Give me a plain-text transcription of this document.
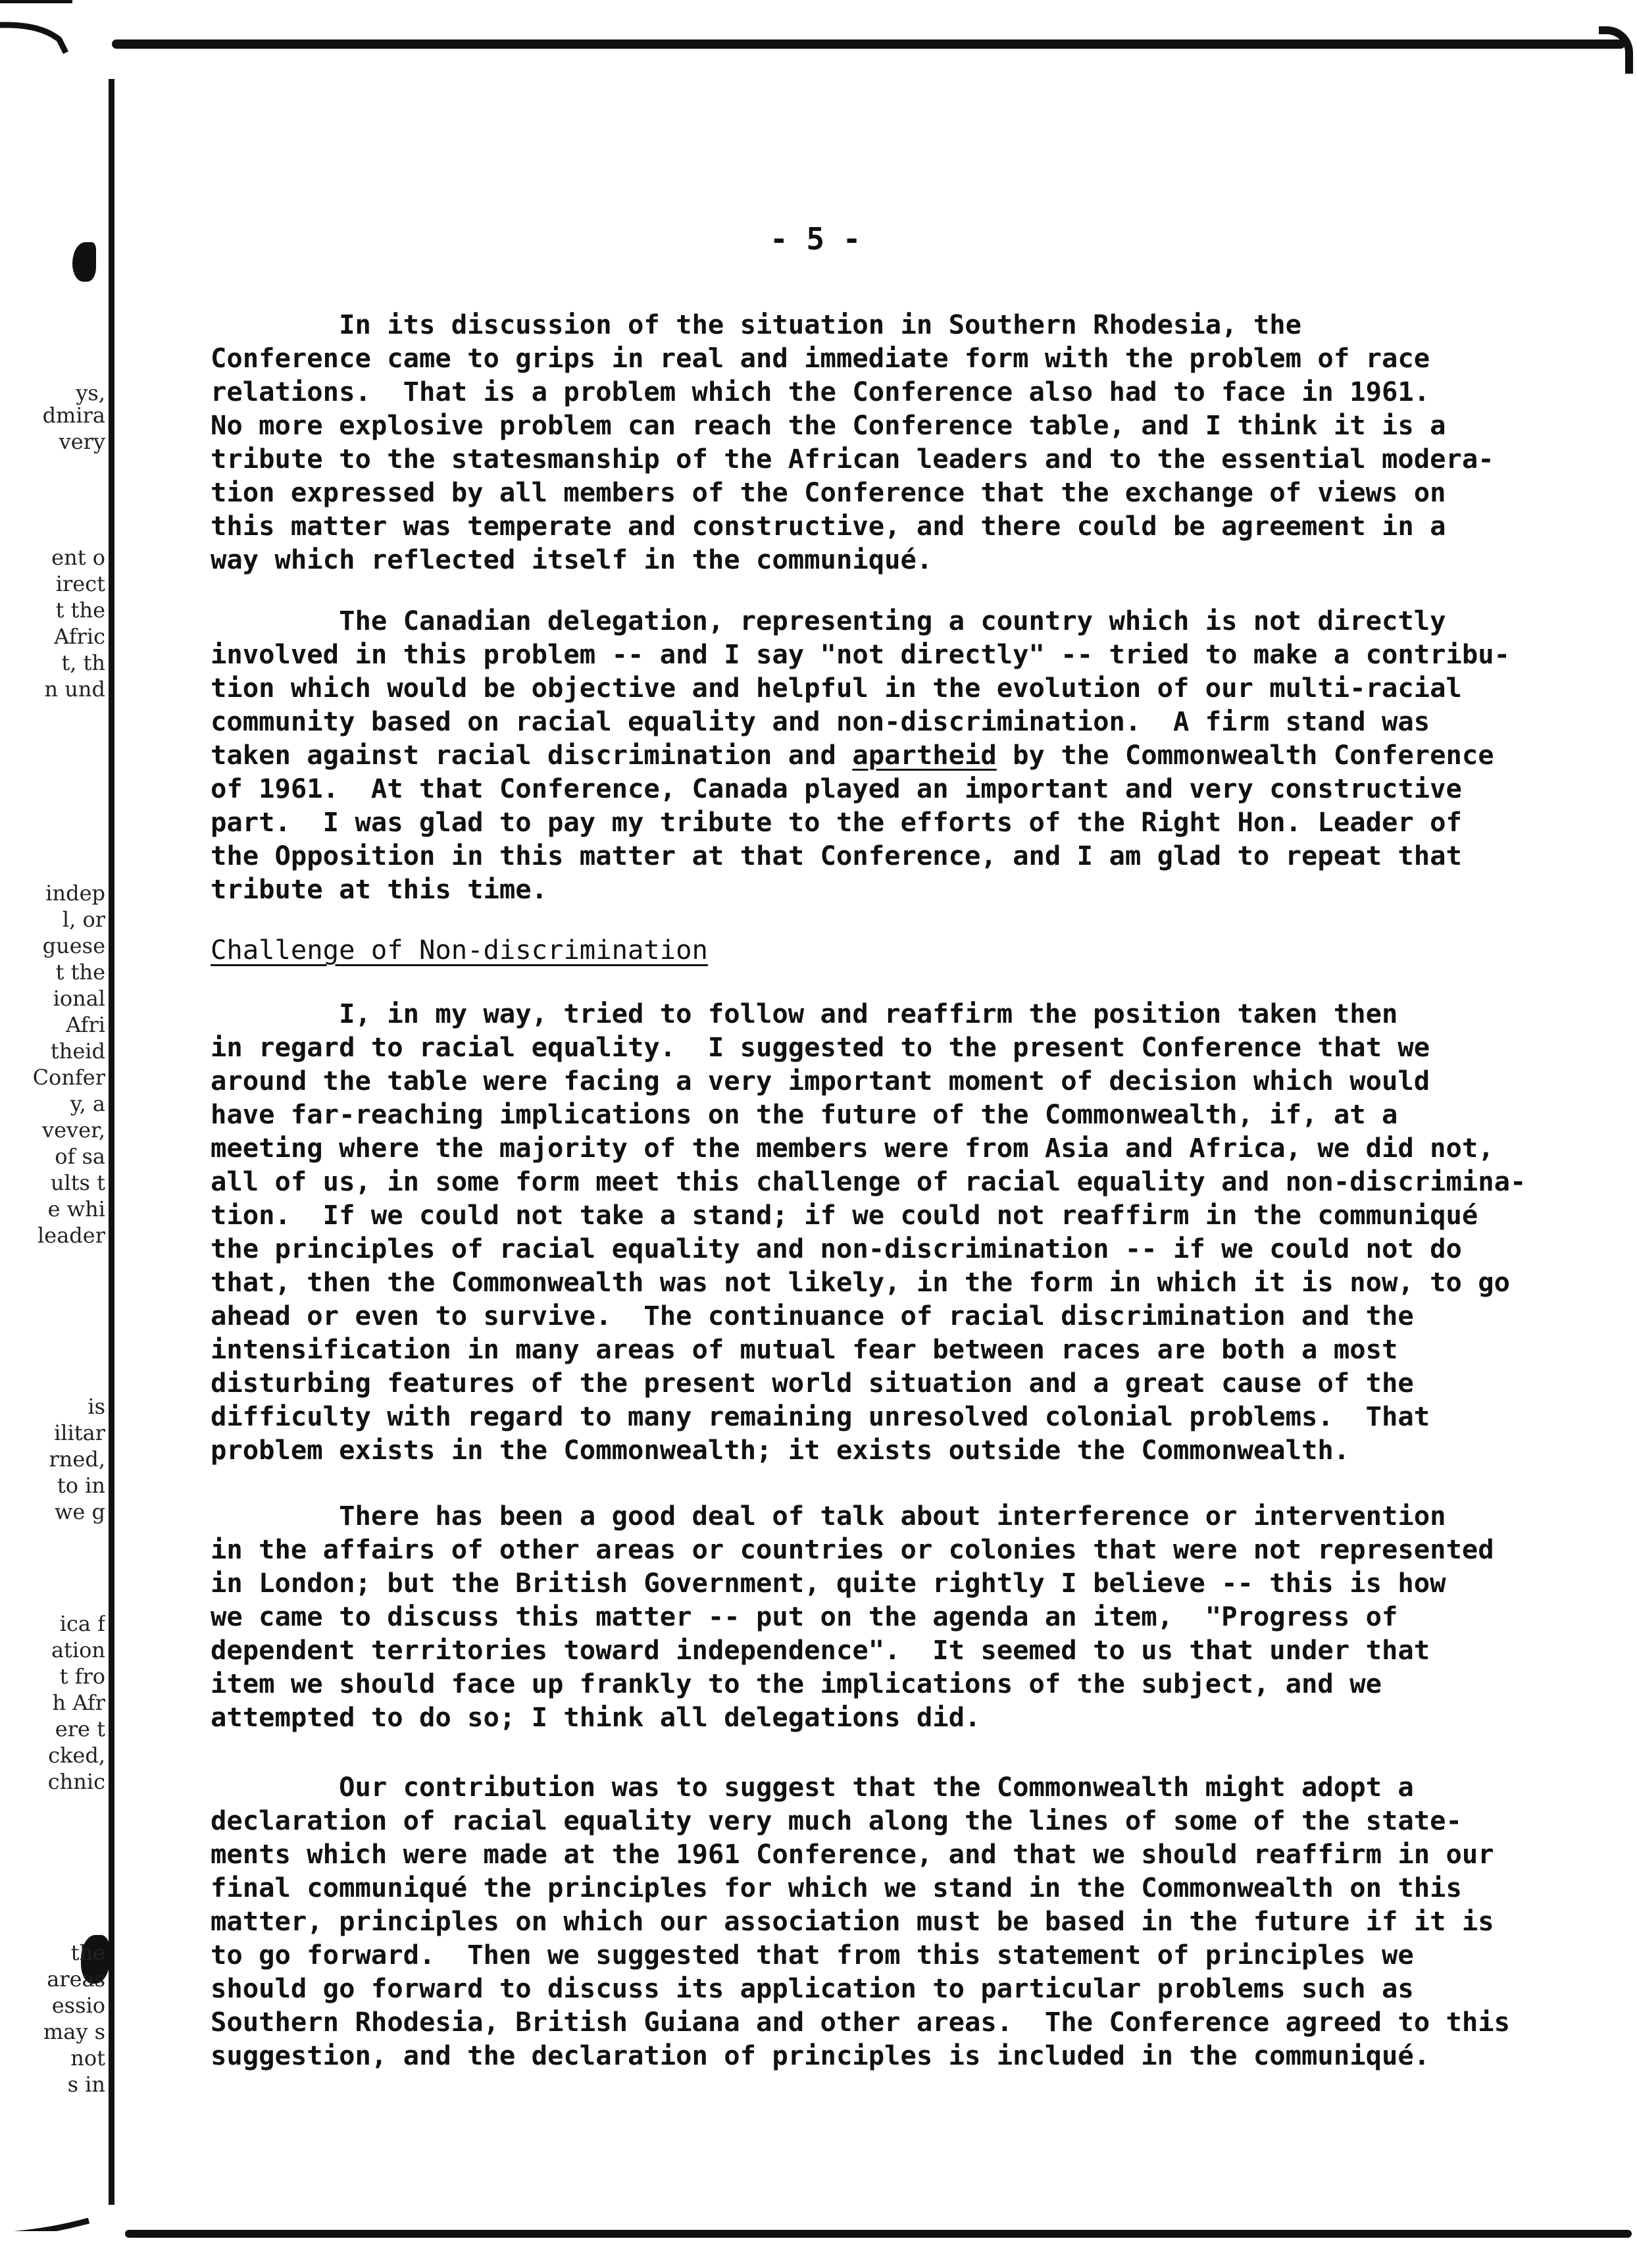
ys,
dmira
very
ent o
irect
t the
Afric
t, th
n und
indep
l, or
guese
t the
ional
Afri
theid
Confer
y, a
vever,
of sa
ults t
e whi
leader
is
ilitar
rned,
to in
we g
ica f
ation
t fro
h Afr
ere t
cked,
chnic
the
areas
essio
may s
not
s in
- 5 -
In its discussion of the situation in Southern Rhodesia, the
Conference came to grips in real and immediate form with the problem of race
relations.  That is a problem which the Conference also had to face in 1961.
No more explosive problem can reach the Conference table, and I think it is a
tribute to the statesmanship of the African leaders and to the essential modera-
tion expressed by all members of the Conference that the exchange of views on
this matter was temperate and constructive, and there could be agreement in a
way which reflected itself in the communiqué.
The Canadian delegation, representing a country which is not directly
involved in this problem -- and I say "not directly" -- tried to make a contribu-
tion which would be objective and helpful in the evolution of our multi-racial
community based on racial equality and non-discrimination.  A firm stand was
taken against racial discrimination and apartheid by the Commonwealth Conference
of 1961.  At that Conference, Canada played an important and very constructive
part.  I was glad to pay my tribute to the efforts of the Right Hon. Leader of
the Opposition in this matter at that Conference, and I am glad to repeat that
tribute at this time.
Challenge of Non-discrimination
I, in my way, tried to follow and reaffirm the position taken then
in regard to racial equality.  I suggested to the present Conference that we
around the table were facing a very important moment of decision which would
have far-reaching implications on the future of the Commonwealth, if, at a
meeting where the majority of the members were from Asia and Africa, we did not,
all of us, in some form meet this challenge of racial equality and non-discrimina-
tion.  If we could not take a stand; if we could not reaffirm in the communiqué
the principles of racial equality and non-discrimination -- if we could not do
that, then the Commonwealth was not likely, in the form in which it is now, to go
ahead or even to survive.  The continuance of racial discrimination and the
intensification in many areas of mutual fear between races are both a most
disturbing features of the present world situation and a great cause of the
difficulty with regard to many remaining unresolved colonial problems.  That
problem exists in the Commonwealth; it exists outside the Commonwealth.
There has been a good deal of talk about interference or intervention
in the affairs of other areas or countries or colonies that were not represented
in London; but the British Government, quite rightly I believe -- this is how
we came to discuss this matter -- put on the agenda an item,  "Progress of
dependent territories toward independence".  It seemed to us that under that
item we should face up frankly to the implications of the subject, and we
attempted to do so; I think all delegations did.
Our contribution was to suggest that the Commonwealth might adopt a
declaration of racial equality very much along the lines of some of the state-
ments which were made at the 1961 Conference, and that we should reaffirm in our
final communiqué the principles for which we stand in the Commonwealth on this
matter, principles on which our association must be based in the future if it is
to go forward.  Then we suggested that from this statement of principles we
should go forward to discuss its application to particular problems such as
Southern Rhodesia, British Guiana and other areas.  The Conference agreed to this
suggestion, and the declaration of principles is included in the communiqué.
